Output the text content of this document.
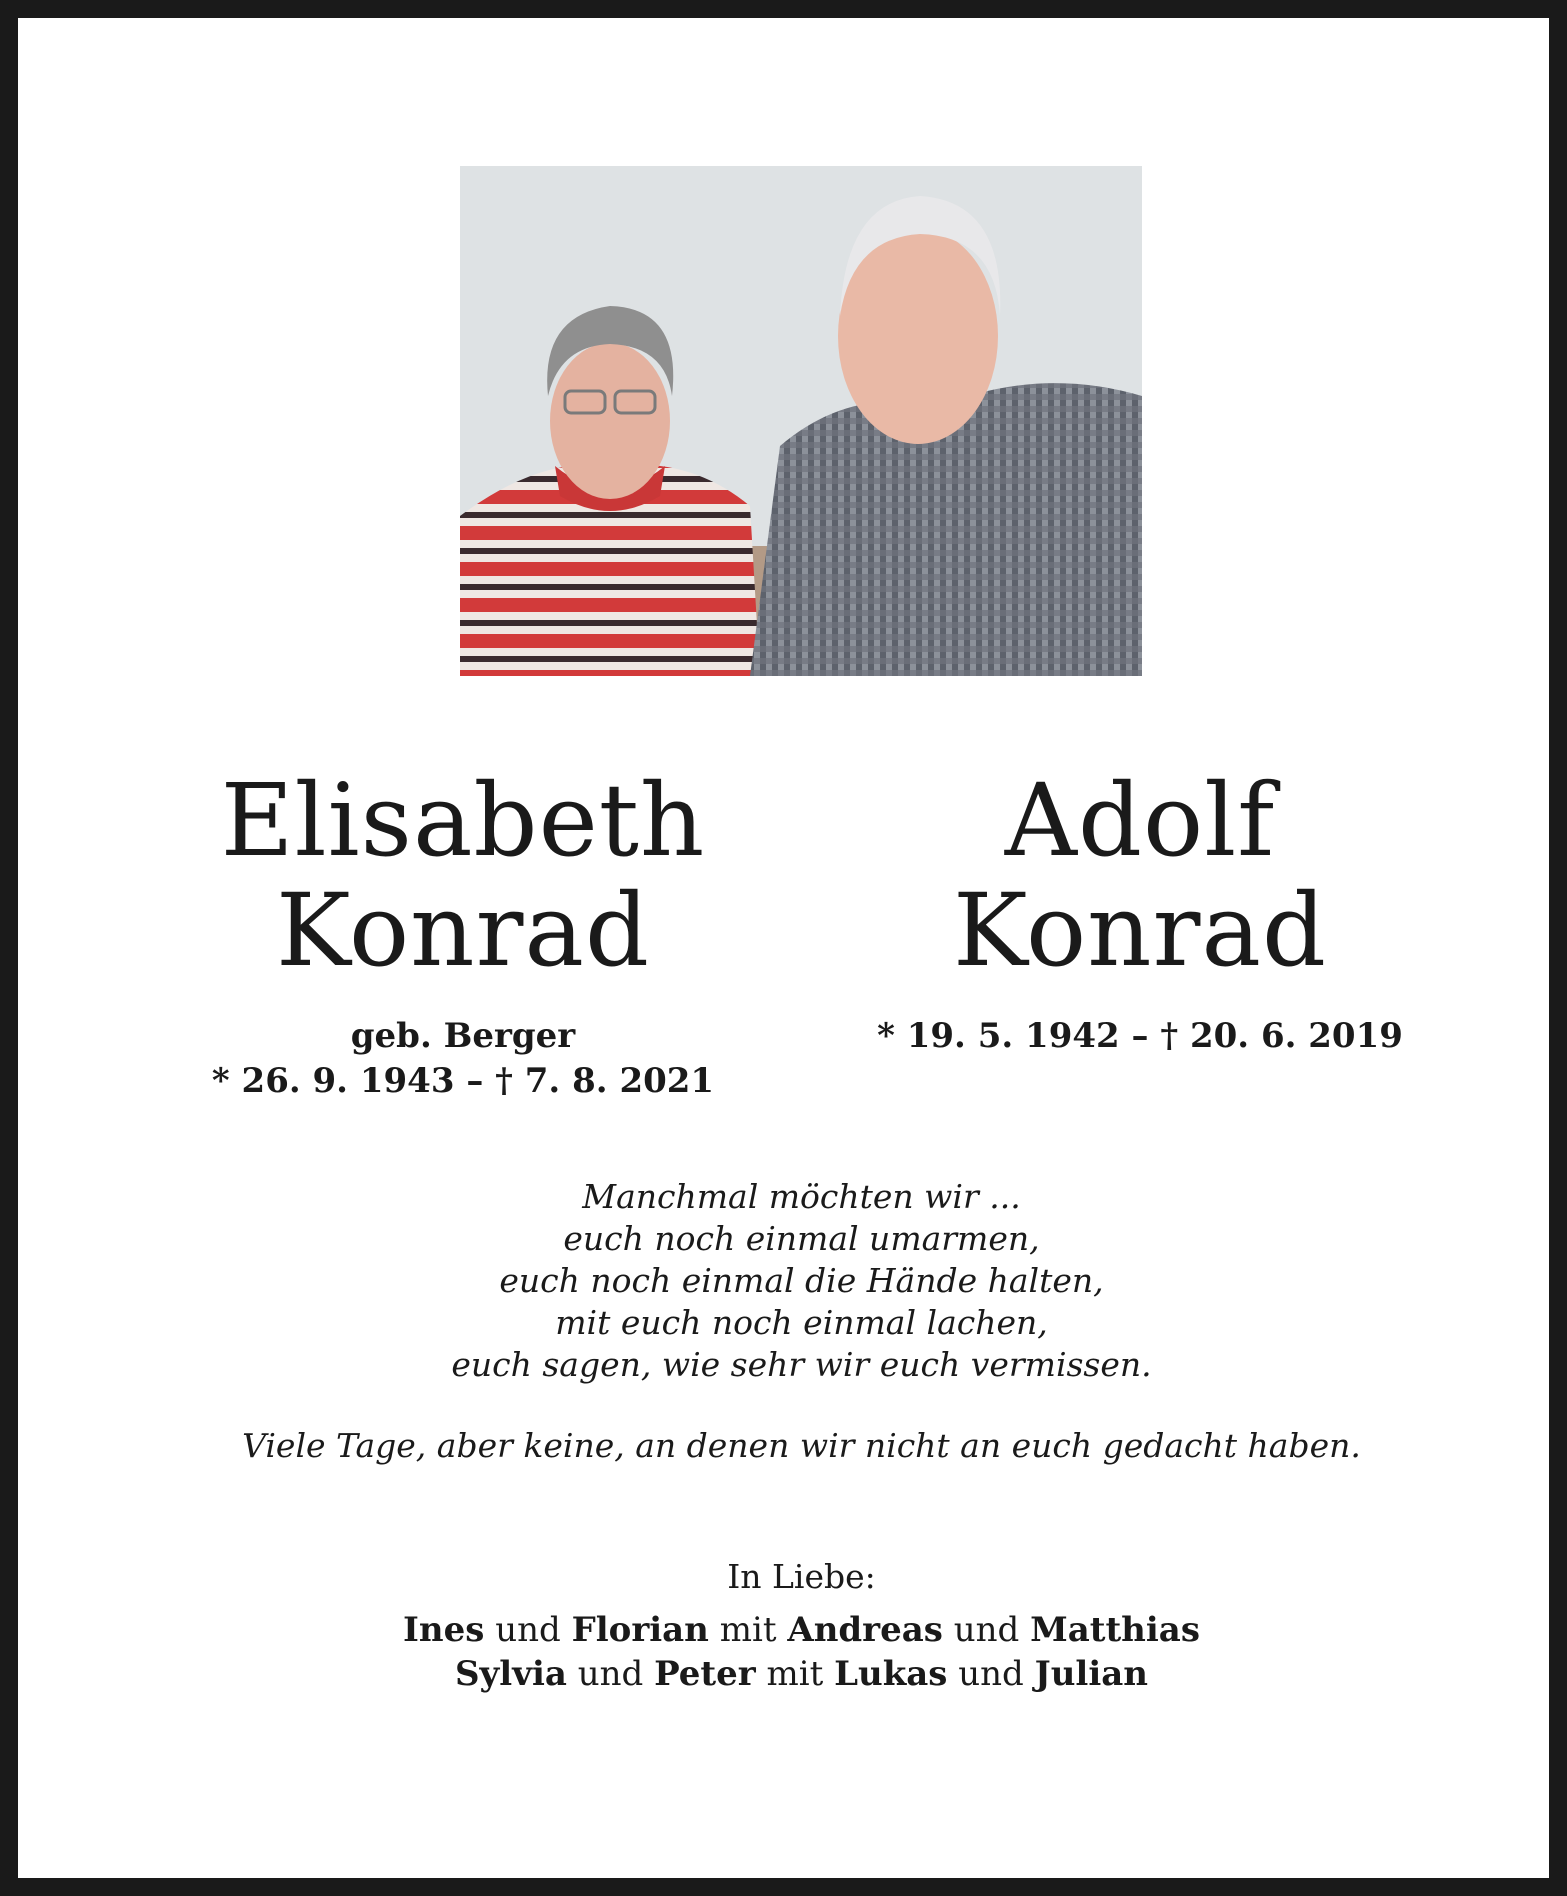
Elisabeth
Konrad
geb. Berger
* 26. 9. 1943 – † 7. 8. 2021
Adolf
Konrad
* 19. 5. 1942 – † 20. 6. 2019
Manchmal möchten wir ...
euch noch einmal umarmen,
euch noch einmal die Hände halten,
mit euch noch einmal lachen,
euch sagen, wie sehr wir euch vermissen.
Viele Tage, aber keine, an denen wir nicht an euch gedacht haben.
In Liebe:
Ines und Florian mit Andreas und Matthias
Sylvia und Peter mit Lukas und Julian
